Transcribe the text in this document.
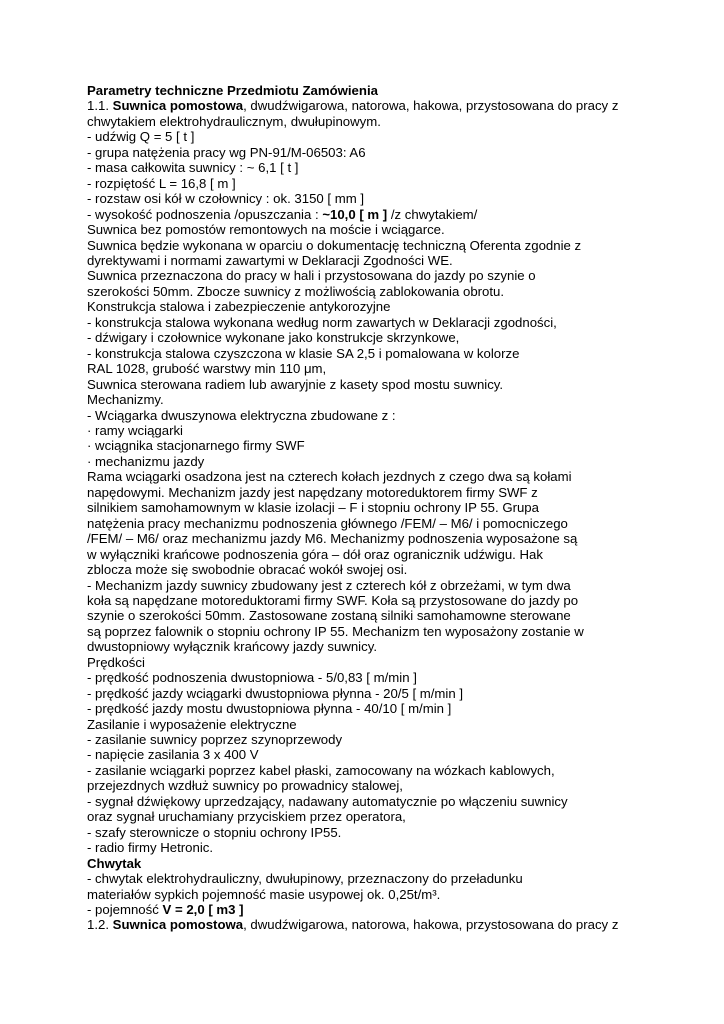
Parametry techniczne Przedmiotu Zamówienia
1.1. Suwnica pomostowa, dwudźwigarowa, natorowa, hakowa, przystosowana do pracy z
chwytakiem elektrohydraulicznym, dwułupinowym.
- udźwig Q = 5 [ t ]
- grupa natężenia pracy wg PN-91/M-06503: A6
- masa całkowita suwnicy : ~ 6,1 [ t ]
- rozpiętość L = 16,8 [ m ]
- rozstaw osi kół w czołownicy : ok. 3150 [ mm ]
- wysokość podnoszenia /opuszczania : ~10,0 [ m ] /z chwytakiem/
Suwnica bez pomostów remontowych na moście i wciągarce.
Suwnica będzie wykonana w oparciu o dokumentację techniczną Oferenta zgodnie z
dyrektywami i normami zawartymi w Deklaracji Zgodności WE.
Suwnica przeznaczona do pracy w hali i przystosowana do jazdy po szynie o
szerokości 50mm. Zbocze suwnicy z możliwością zablokowania obrotu.
Konstrukcja stalowa i zabezpieczenie antykorozyjne
- konstrukcja stalowa wykonana według norm zawartych w Deklaracji zgodności,
- dźwigary i czołownice wykonane jako konstrukcje skrzynkowe,
- konstrukcja stalowa czyszczona w klasie SA 2,5 i pomalowana w kolorze
RAL 1028, grubość warstwy min 110 μm,
Suwnica sterowana radiem lub awaryjnie z kasety spod mostu suwnicy.
Mechanizmy.
- Wciągarka dwuszynowa elektryczna zbudowane z :
· ramy wciągarki
· wciągnika stacjonarnego firmy SWF
· mechanizmu jazdy
Rama wciągarki osadzona jest na czterech kołach jezdnych z czego dwa są kołami
napędowymi. Mechanizm jazdy jest napędzany motoreduktorem firmy SWF z
silnikiem samohamownym w klasie izolacji – F i stopniu ochrony IP 55. Grupa
natężenia pracy mechanizmu podnoszenia głównego /FEM/ – M6/ i pomocniczego
/FEM/ – M6/ oraz mechanizmu jazdy M6. Mechanizmy podnoszenia wyposażone są
w wyłączniki krańcowe podnoszenia góra – dół oraz ogranicznik udźwigu. Hak
zblocza może się swobodnie obracać wokół swojej osi.
- Mechanizm jazdy suwnicy zbudowany jest z czterech kół z obrzeżami, w tym dwa
koła są napędzane motoreduktorami firmy SWF. Koła są przystosowane do jazdy po
szynie o szerokości 50mm. Zastosowane zostaną silniki samohamowne sterowane
są poprzez falownik o stopniu ochrony IP 55. Mechanizm ten wyposażony zostanie w
dwustopniowy wyłącznik krańcowy jazdy suwnicy.
Prędkości
- prędkość podnoszenia dwustopniowa - 5/0,83 [ m/min ]
- prędkość jazdy wciągarki dwustopniowa płynna - 20/5 [ m/min ]
- prędkość jazdy mostu dwustopniowa płynna - 40/10 [ m/min ]
Zasilanie i wyposażenie elektryczne
- zasilanie suwnicy poprzez szynoprzewody
- napięcie zasilania 3 x 400 V
- zasilanie wciągarki poprzez kabel płaski, zamocowany na wózkach kablowych,
przejezdnych wzdłuż suwnicy po prowadnicy stalowej,
- sygnał dźwiękowy uprzedzający, nadawany automatycznie po włączeniu suwnicy
oraz sygnał uruchamiany przyciskiem przez operatora,
- szafy sterownicze o stopniu ochrony IP55.
- radio firmy Hetronic.
Chwytak
- chwytak elektrohydrauliczny, dwułupinowy, przeznaczony do przeładunku
materiałów sypkich pojemność masie usypowej ok. 0,25t/m³.
- pojemność V = 2,0 [ m3 ]
1.2. Suwnica pomostowa, dwudźwigarowa, natorowa, hakowa, przystosowana do pracy z
